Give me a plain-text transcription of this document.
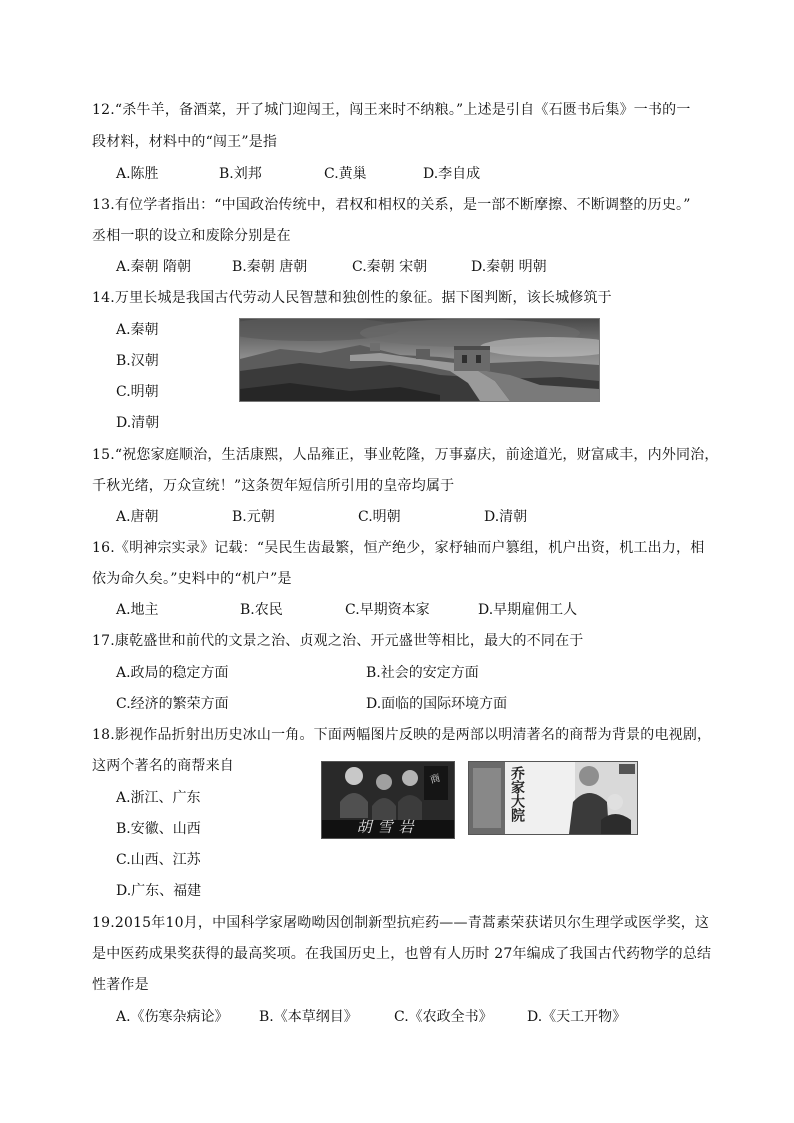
12.“杀牛羊，备酒菜，开了城门迎闯王，闯王来时不纳粮。”上述是引自《石匮书后集》一书的一
段材料，材料中的“闯王”是指
A.陈胜	B.刘邦	C.黄巢	D.李自成
13.有位学者指出：“中国政治传统中，君权和相权的关系，是一部不断摩擦、不断调整的历史。”
丞相一职的设立和废除分别是在
A.秦朝 隋朝	B.秦朝 唐朝	C.秦朝 宋朝	D.秦朝 明朝
14.万里长城是我国古代劳动人民智慧和独创性的象征。据下图判断，该长城修筑于
A.秦朝
B.汉朝
C.明朝
D.清朝
15.“祝您家庭顺治，生活康熙，人品雍正，事业乾隆，万事嘉庆，前途道光，财富咸丰，内外同治，
千秋光绪，万众宣统！”这条贺年短信所引用的皇帝均属于
A.唐朝	B.元朝	C.明朝	D.清朝
16.《明神宗实录》记载：“吴民生齿最繁，恒产绝少，家杼轴而户篡组，机户出资，机工出力，相
依为命久矣。”史料中的“机户”是
A.地主	B.农民	C.早期资本家	D.早期雇佣工人
17.康乾盛世和前代的文景之治、贞观之治、开元盛世等相比，最大的不同在于
A.政局的稳定方面	B.社会的安定方面
C.经济的繁荣方面	D.面临的国际环境方面
18.影视作品折射出历史冰山一角。下面两幅图片反映的是两部以明清著名的商帮为背景的电视剧，
这两个著名的商帮来自
A.浙江、广东
B.安徽、山西
C.山西、江苏
D.广东、福建
商
胡雪岩
乔家大院
19.2015年10月，中国科学家屠呦呦因创制新型抗疟药——青蒿素荣获诺贝尔生理学或医学奖，这
是中医药成果奖获得的最高奖项。在我国历史上，也曾有人历时 27年编成了我国古代药物学的总结
性著作是
A.《伤寒杂病论》 B.《本草纲目》	C.《农政全书》 D.《天工开物》
